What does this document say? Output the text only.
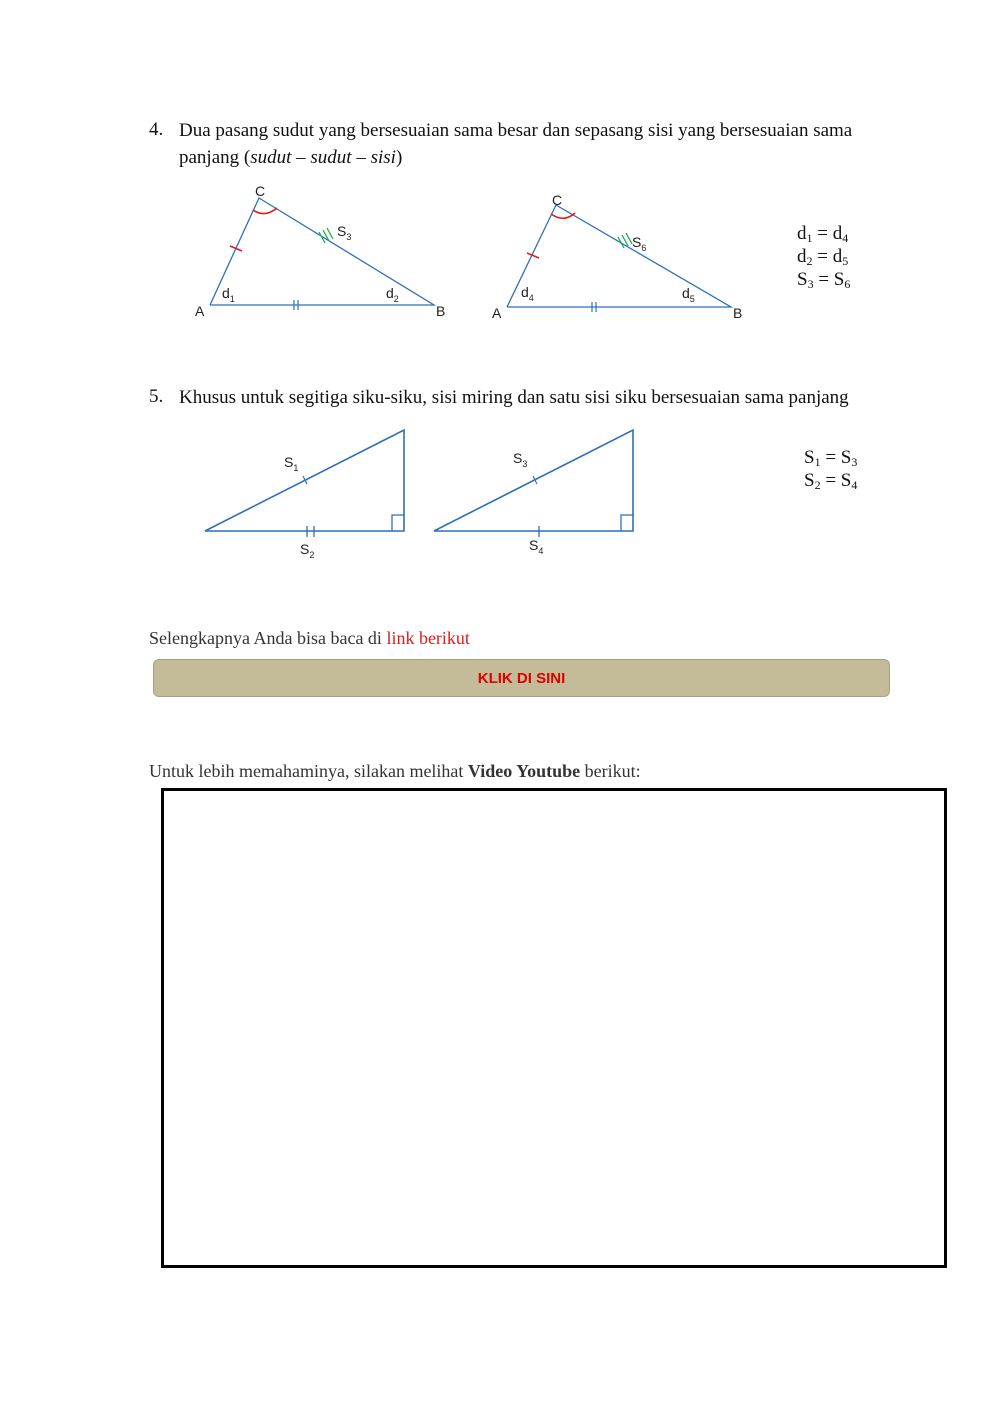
4. Dua pasang sudut yang bersesuaian sama besar dan sepasang sisi yang bersesuaian sama
panjang (sudut – sudut – sisi)
C
A	B
$S_3$
$d_1$	$d_2$
C
A	B
$S_6$
$d_4$	$d_5$
$d_1 = d_4$
$d_2 = d_5$
$S_3 = S_6$
5. Khusus untuk segitiga siku-siku, sisi miring dan satu sisi siku bersesuaian sama panjang
$S_1$
$S_2$
$S_3$
$S_4$
$S_1 = S_3$
$S_2 = S_4$
Selengkapnya Anda bisa baca di link berikut
KLIK DI SINI
Untuk lebih memahaminya, silakan melihat Video Youtube berikut:
